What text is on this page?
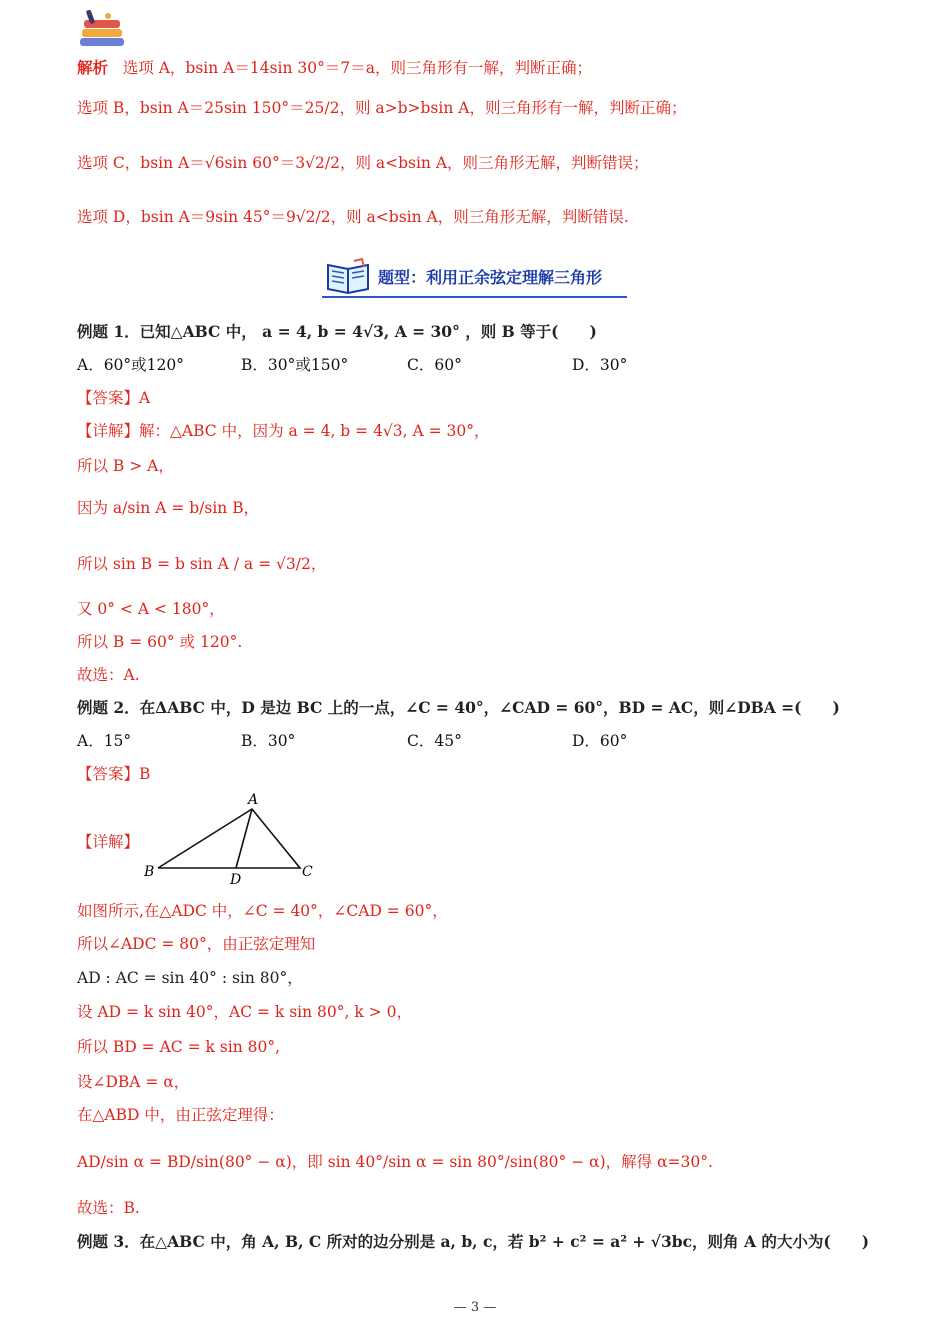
解析 选项 A，bsin A＝14sin 30°＝7＝a，则三角形有一解，判断正确；
选项 B，bsin A＝25sin 150°＝25/2，则 a>b>bsin A，则三角形有一解，判断正确；
选项 C，bsin A＝√6sin 60°＝3√2/2，则 a<bsin A，则三角形无解，判断错误；
选项 D，bsin A＝9sin 45°＝9√2/2，则 a<bsin A，则三角形无解，判断错误.
题型：利用正余弦定理解三角形
例题 1．已知△ABC 中， a = 4, b = 4√3, A = 30° ，则 B 等于(　　)
A．60°或120°	B．30°或150°	C．60°	D．30°
【答案】A
【详解】解：△ABC 中，因为 a = 4, b = 4√3, A = 30°，
所以 B > A，
因为 a/sin A = b/sin B，
所以 sin B = b sin A / a = √3/2，
又 0° < A < 180°，
所以 B = 60° 或 120°.
故选：A.
例题 2．在ΔABC 中，D 是边 BC 上的一点，∠C = 40°，∠CAD = 60°，BD = AC，则∠DBA =(　　)
A．15°	B．30°	C．45°	D．60°
【答案】B
【详解】
A
B	C
D
如图所示,在△ADC 中，∠C = 40°，∠CAD = 60°，
所以∠ADC = 80°，由正弦定理知
AD : AC = sin 40° : sin 80°，
设 AD = k sin 40°，AC = k sin 80°, k > 0，
所以 BD = AC = k sin 80°,
设∠DBA = α，
在△ABD 中，由正弦定理得：
AD/sin α = BD/sin(80° − α)，即 sin 40°/sin α = sin 80°/sin(80° − α)，解得 α=30°.
故选：B.
例题 3．在△ABC 中，角 A, B, C 所对的边分别是 a, b, c，若 b² + c² = a² + √3bc，则角 A 的大小为(　　)
— 3 —
